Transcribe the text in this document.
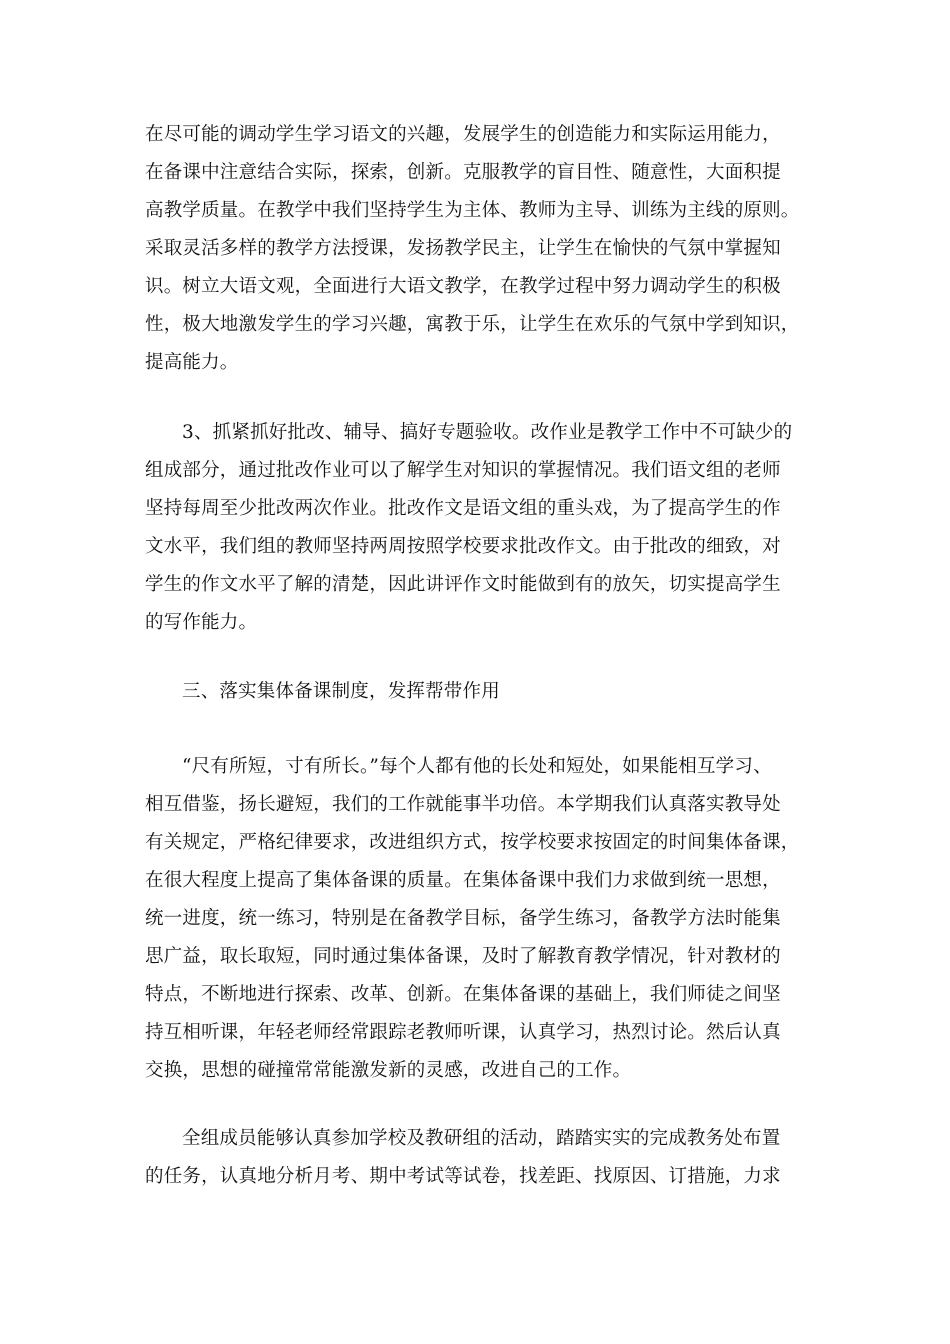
在尽可能的调动学生学习语文的兴趣，发展学生的创造能力和实际运用能力，
在备课中注意结合实际，探索，创新。克服教学的盲目性、随意性，大面积提
高教学质量。在教学中我们坚持学生为主体、教师为主导、训练为主线的原则。
采取灵活多样的教学方法授课，发扬教学民主，让学生在愉快的气氛中掌握知
识。树立大语文观，全面进行大语文教学，在教学过程中努力调动学生的积极
性，极大地激发学生的学习兴趣，寓教于乐，让学生在欢乐的气氛中学到知识，
提高能力。
3、抓紧抓好批改、辅导、搞好专题验收。改作业是教学工作中不可缺少的
组成部分，通过批改作业可以了解学生对知识的掌握情况。我们语文组的老师
坚持每周至少批改两次作业。批改作文是语文组的重头戏，为了提高学生的作
文水平，我们组的教师坚持两周按照学校要求批改作文。由于批改的细致，对
学生的作文水平了解的清楚，因此讲评作文时能做到有的放矢，切实提高学生
的写作能力。
三、落实集体备课制度，发挥帮带作用
“尺有所短，寸有所长。”每个人都有他的长处和短处，如果能相互学习、
相互借鉴，扬长避短，我们的工作就能事半功倍。本学期我们认真落实教导处
有关规定，严格纪律要求，改进组织方式，按学校要求按固定的时间集体备课，
在很大程度上提高了集体备课的质量。在集体备课中我们力求做到统一思想，
统一进度，统一练习，特别是在备教学目标，备学生练习，备教学方法时能集
思广益，取长取短，同时通过集体备课，及时了解教育教学情况，针对教材的
特点，不断地进行探索、改革、创新。在集体备课的基础上，我们师徒之间坚
持互相听课，年轻老师经常跟踪老教师听课，认真学习，热烈讨论。然后认真
交换，思想的碰撞常常能激发新的灵感，改进自己的工作。
全组成员能够认真参加学校及教研组的活动，踏踏实实的完成教务处布置
的任务，认真地分析月考、期中考试等试卷，找差距、找原因、订措施，力求
